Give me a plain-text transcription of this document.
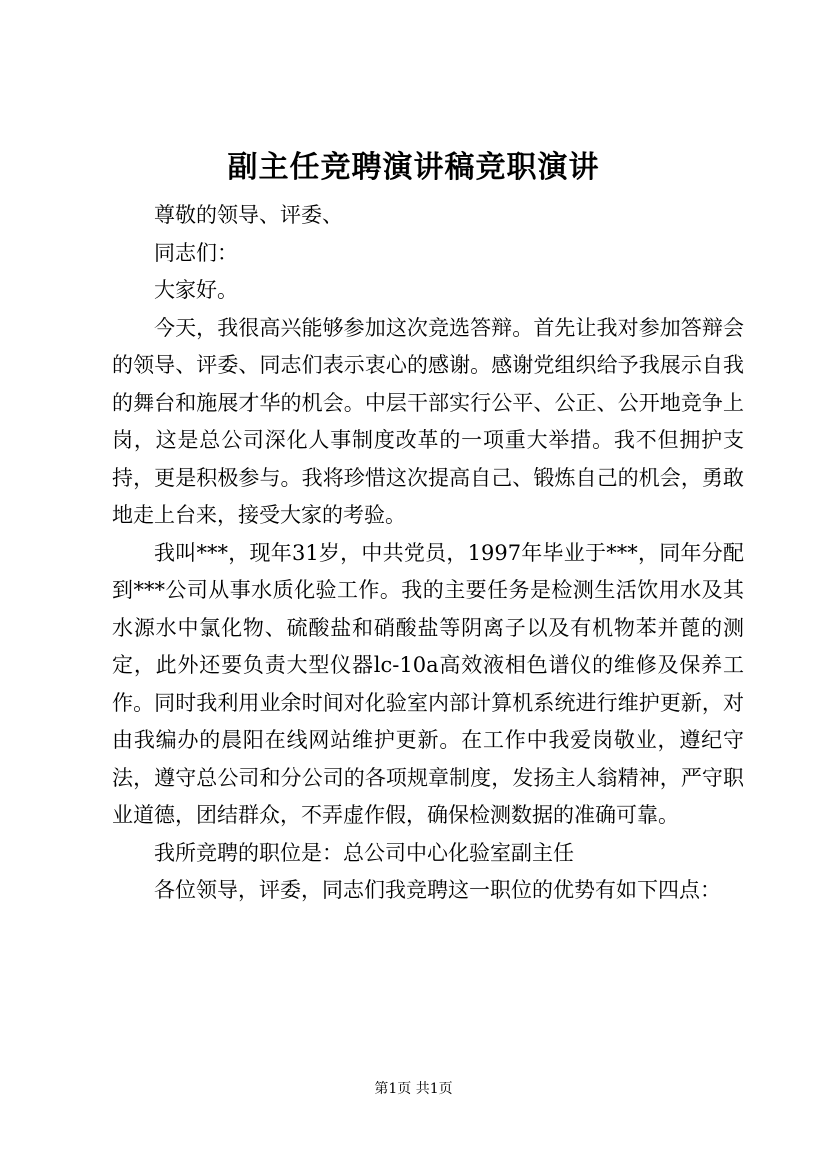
副主任竞聘演讲稿竞职演讲

尊敬的领导、评委、

同志们：

大家好。

今天，我很高兴能够参加这次竞选答辩。首先让我对参加答辩会的领导、评委、同志们表示衷心的感谢。感谢党组织给予我展示自我的舞台和施展才华的机会。中层干部实行公平、公正、公开地竞争上岗，这是总公司深化人事制度改革的一项重大举措。我不但拥护支持，更是积极参与。我将珍惜这次提高自己、锻炼自己的机会，勇敢地走上台来，接受大家的考验。

我叫***，现年31岁，中共党员，1997年毕业于***，同年分配到***公司从事水质化验工作。我的主要任务是检测生活饮用水及其水源水中氯化物、硫酸盐和硝酸盐等阴离子以及有机物苯并蓖的测定，此外还要负责大型仪器lc-10a高效液相色谱仪的维修及保养工作。同时我利用业余时间对化验室内部计算机系统进行维护更新，对由我编办的晨阳在线网站维护更新。在工作中我爱岗敬业，遵纪守法，遵守总公司和分公司的各项规章制度，发扬主人翁精神，严守职业道德，团结群众，不弄虚作假，确保检测数据的准确可靠。

我所竞聘的职位是：总公司中心化验室副主任

各位领导，评委，同志们我竞聘这一职位的优势有如下四点：

第1页 共1页
